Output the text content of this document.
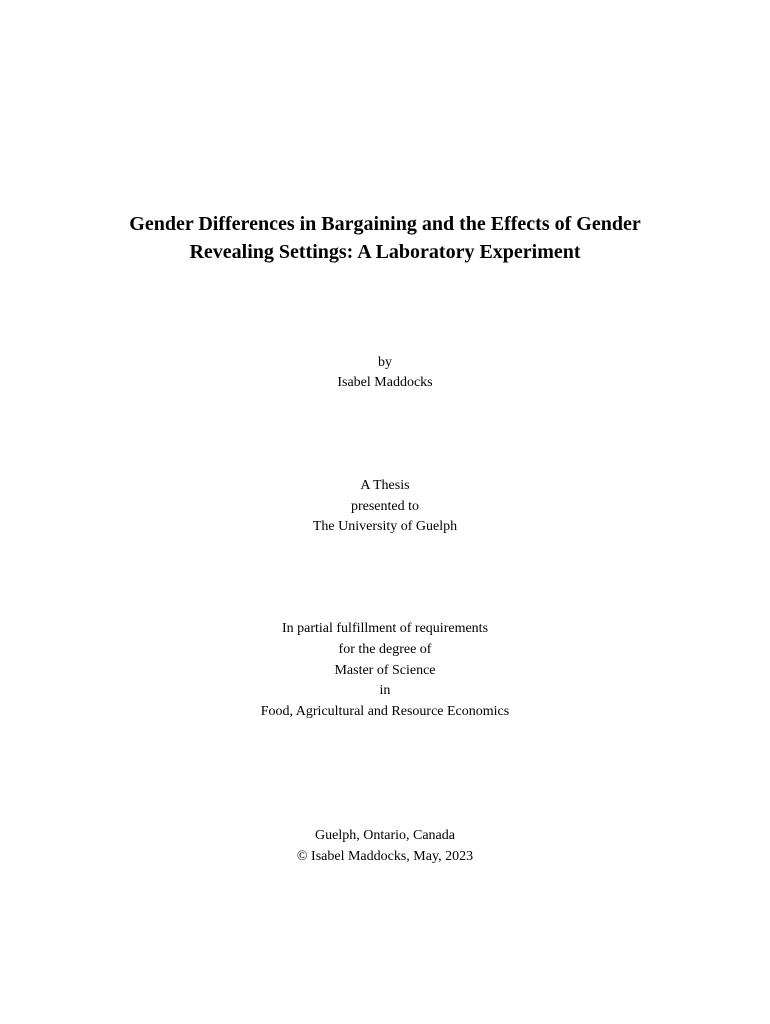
Gender Differences in Bargaining and the Effects of Gender
Revealing Settings: A Laboratory Experiment
by
Isabel Maddocks
A Thesis
presented to
The University of Guelph
In partial fulfillment of requirements
for the degree of
Master of Science
in
Food, Agricultural and Resource Economics
Guelph, Ontario, Canada
© Isabel Maddocks, May, 2023
